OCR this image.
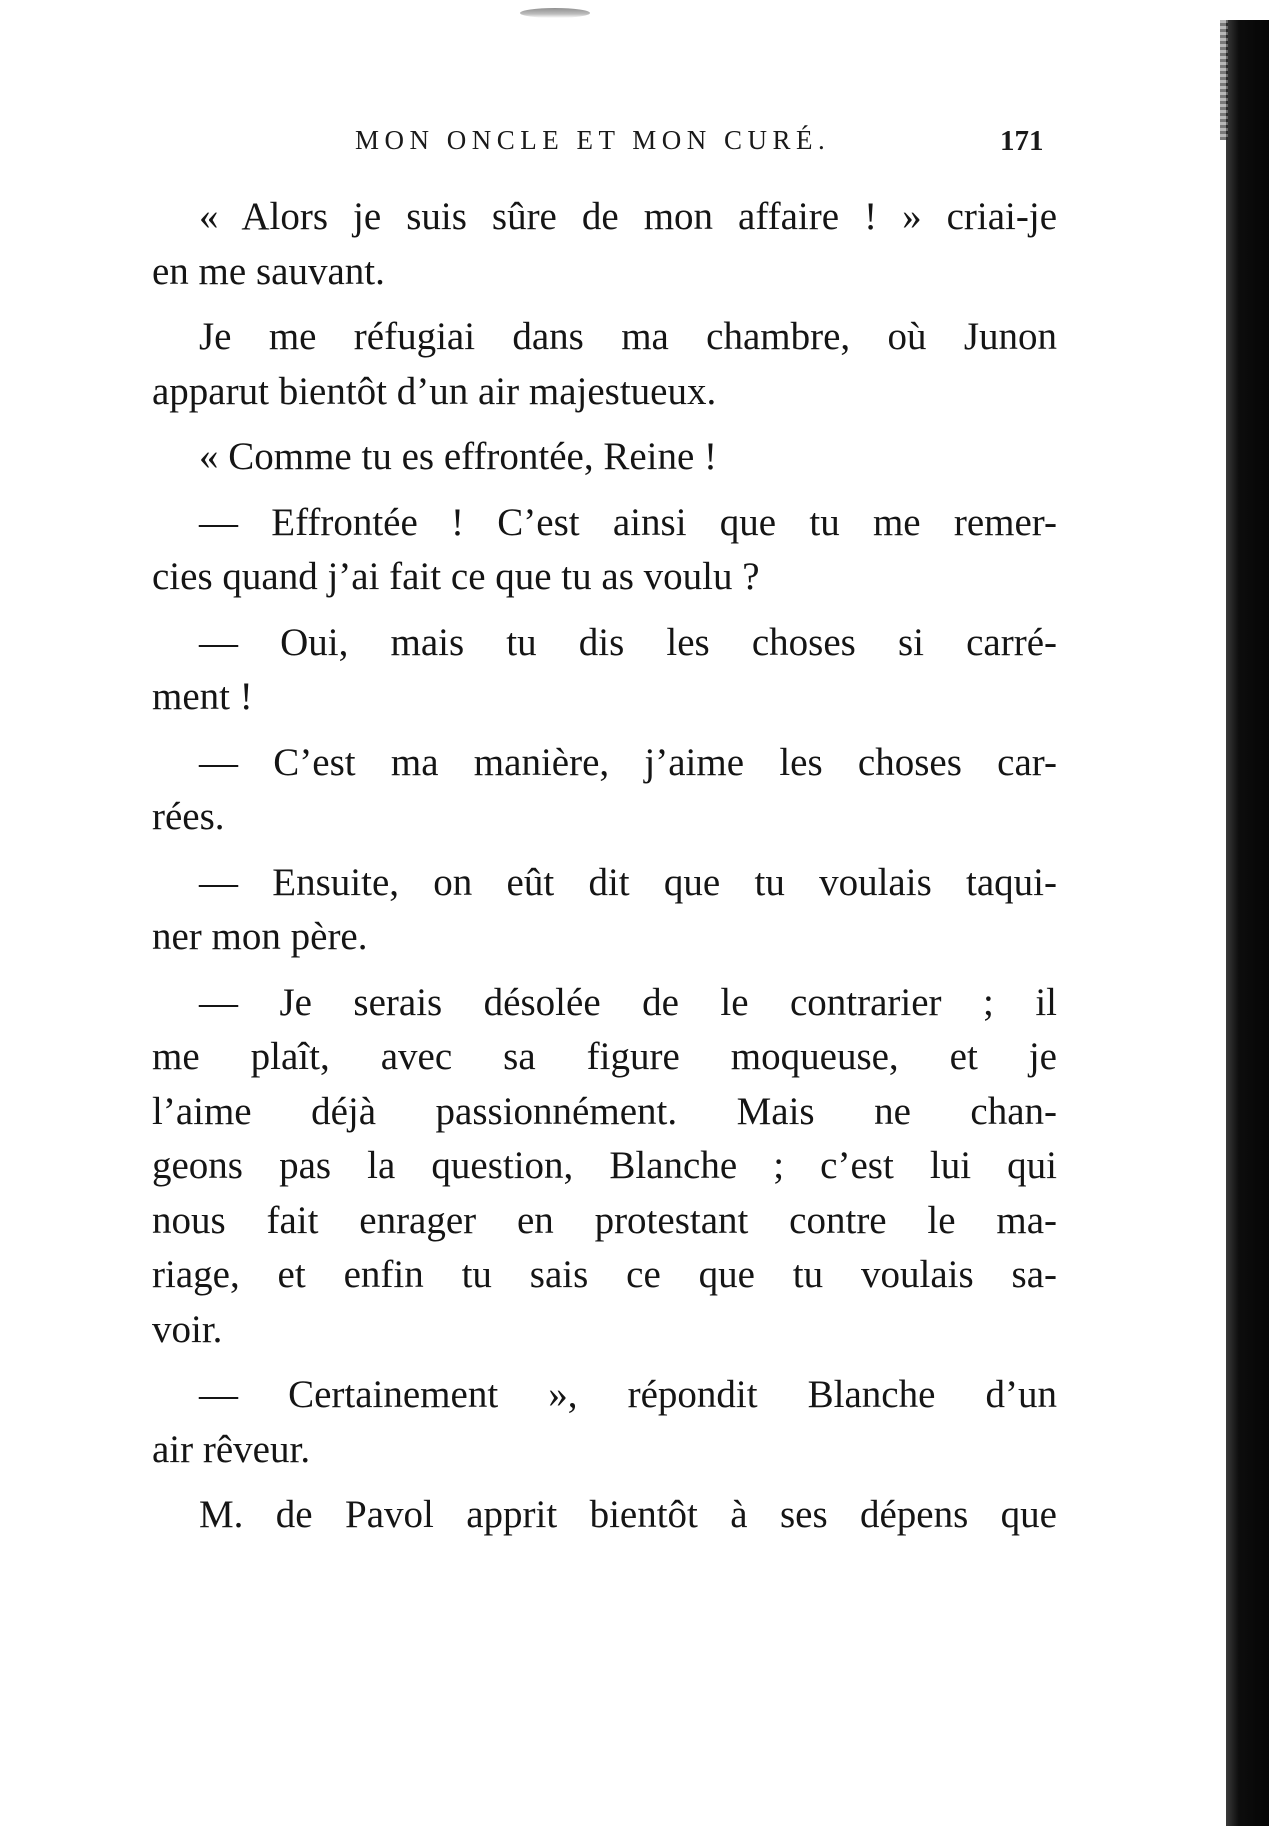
MON ONCLE ET MON CURÉ.	171
« Alors je suis sûre de mon affaire ! » criai-je
en me sauvant.
Je me réfugiai dans ma chambre, où Junon
apparut bientôt d’un air majestueux.
« Comme tu es effrontée, Reine !
— Effrontée ! C’est ainsi que tu me remer-
cies quand j’ai fait ce que tu as voulu ?
— Oui, mais tu dis les choses si carré-
ment !
— C’est ma manière, j’aime les choses car-
rées.
— Ensuite, on eût dit que tu voulais taqui-
ner mon père.
— Je serais désolée de le contrarier ; il
me plaît, avec sa figure moqueuse, et je
l’aime déjà passionnément. Mais ne chan-
geons pas la question, Blanche ; c’est lui qui
nous fait enrager en protestant contre le ma-
riage, et enfin tu sais ce que tu voulais sa-
voir.
— Certainement », répondit Blanche d’un
air rêveur.
M. de Pavol apprit bientôt à ses dépens que
